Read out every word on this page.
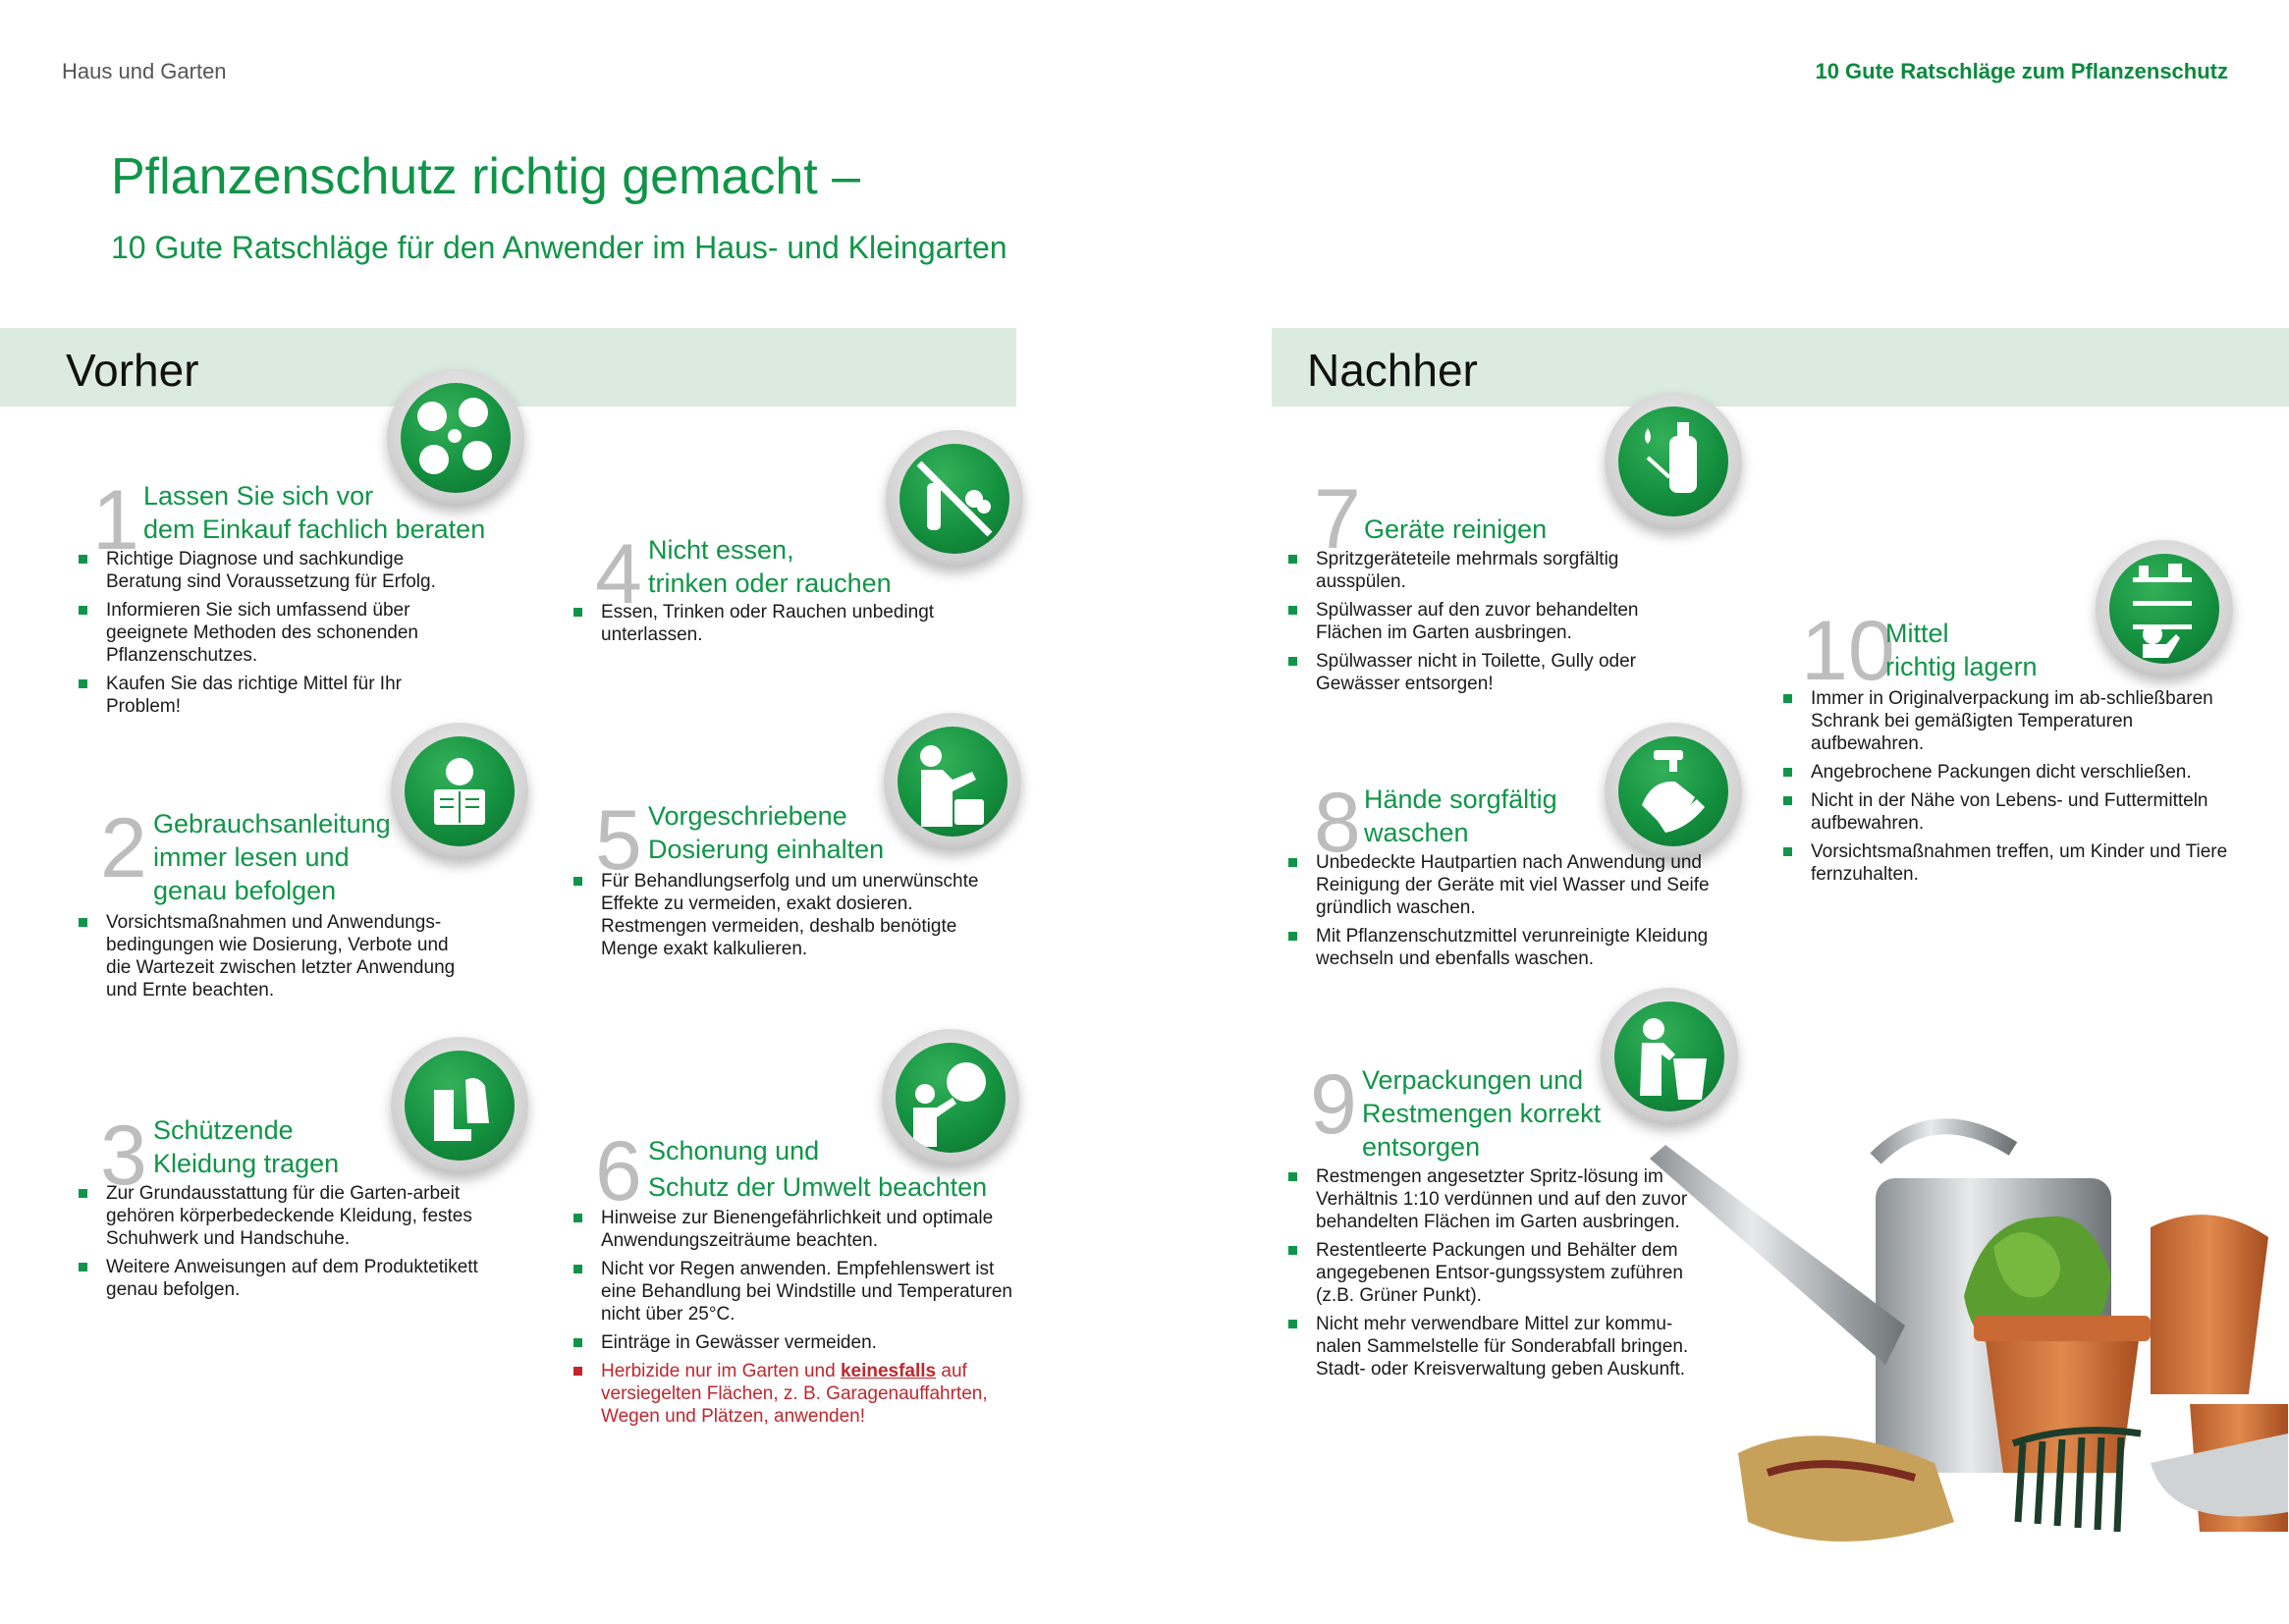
Haus und Garten	10 Gute Ratschläge zum Pflanzenschutz
Pflanzenschutz richtig gemacht –
10 Gute Ratschläge für den Anwender im Haus- und Kleingarten
Vorher	Nachher
1 Lassen Sie sich vor
dem Einkauf fachlich beraten
Richtige Diagnose und sachkundige Beratung sind Voraussetzung für Erfolg.
Informieren Sie sich umfassend über geeignete Methoden des schonenden Pflanzenschutzes.
Kaufen Sie das richtige Mittel für Ihr Problem!
2 Gebrauchsanleitung
immer lesen und
genau befolgen
Vorsichtsmaßnahmen und Anwendungs-bedingungen wie Dosierung, Verbote und die Wartezeit zwischen letzter Anwendung und Ernte beachten.
3 Schützende
Kleidung tragen
Zur Grundausstattung für die Garten-arbeit gehören körperbedeckende Kleidung, festes Schuhwerk und Handschuhe.
Weitere Anweisungen auf dem Produktetikett genau befolgen.
4 Nicht essen,
trinken oder rauchen
Essen, Trinken oder Rauchen unbedingt unterlassen.
5 Vorgeschriebene
Dosierung einhalten
Für Behandlungserfolg und um unerwünschte Effekte zu vermeiden, exakt dosieren. Restmengen vermeiden, deshalb benötigte Menge exakt kalkulieren.
6 Schonung und
Schutz der Umwelt beachten
Hinweise zur Bienengefährlichkeit und optimale Anwendungszeiträume beachten.
Nicht vor Regen anwenden. Empfehlenswert ist eine Behandlung bei Windstille und Temperaturen nicht über 25°C.
Einträge in Gewässer vermeiden.
Herbizide nur im Garten und keinesfalls auf versiegelten Flächen, z. B. Garagenauffahrten, Wegen und Plätzen, anwenden!
7 Geräte reinigen
Spritzgeräteteile mehrmals sorgfältig ausspülen.
Spülwasser auf den zuvor behandelten Flächen im Garten ausbringen.
Spülwasser nicht in Toilette, Gully oder Gewässer entsorgen!
8 Hände sorgfältig
waschen
Unbedeckte Hautpartien nach Anwendung und Reinigung der Geräte mit viel Wasser und Seife gründlich waschen.
Mit Pflanzenschutzmittel verunreinigte Kleidung wechseln und ebenfalls waschen.
9 Verpackungen und
Restmengen korrekt
entsorgen
Restmengen angesetzter Spritz-lösung im Verhältnis 1:10 verdünnen und auf den zuvor behandelten Flächen im Garten ausbringen.
Restentleerte Packungen und Behälter dem angegebenen Entsor-gungssystem zuführen (z.B. Grüner Punkt).
Nicht mehr verwendbare Mittel zur kommu-nalen Sammelstelle für Sonderabfall bringen. Stadt- oder Kreisverwaltung geben Auskunft.
10
Mittel
richtig lagern
Immer in Originalverpackung im ab-schließbaren Schrank bei gemäßigten Temperaturen aufbewahren.
Angebrochene Packungen dicht verschließen.
Nicht in der Nähe von Lebens- und Futtermitteln aufbewahren.
Vorsichtsmaßnahmen treffen, um Kinder und Tiere fernzuhalten.
